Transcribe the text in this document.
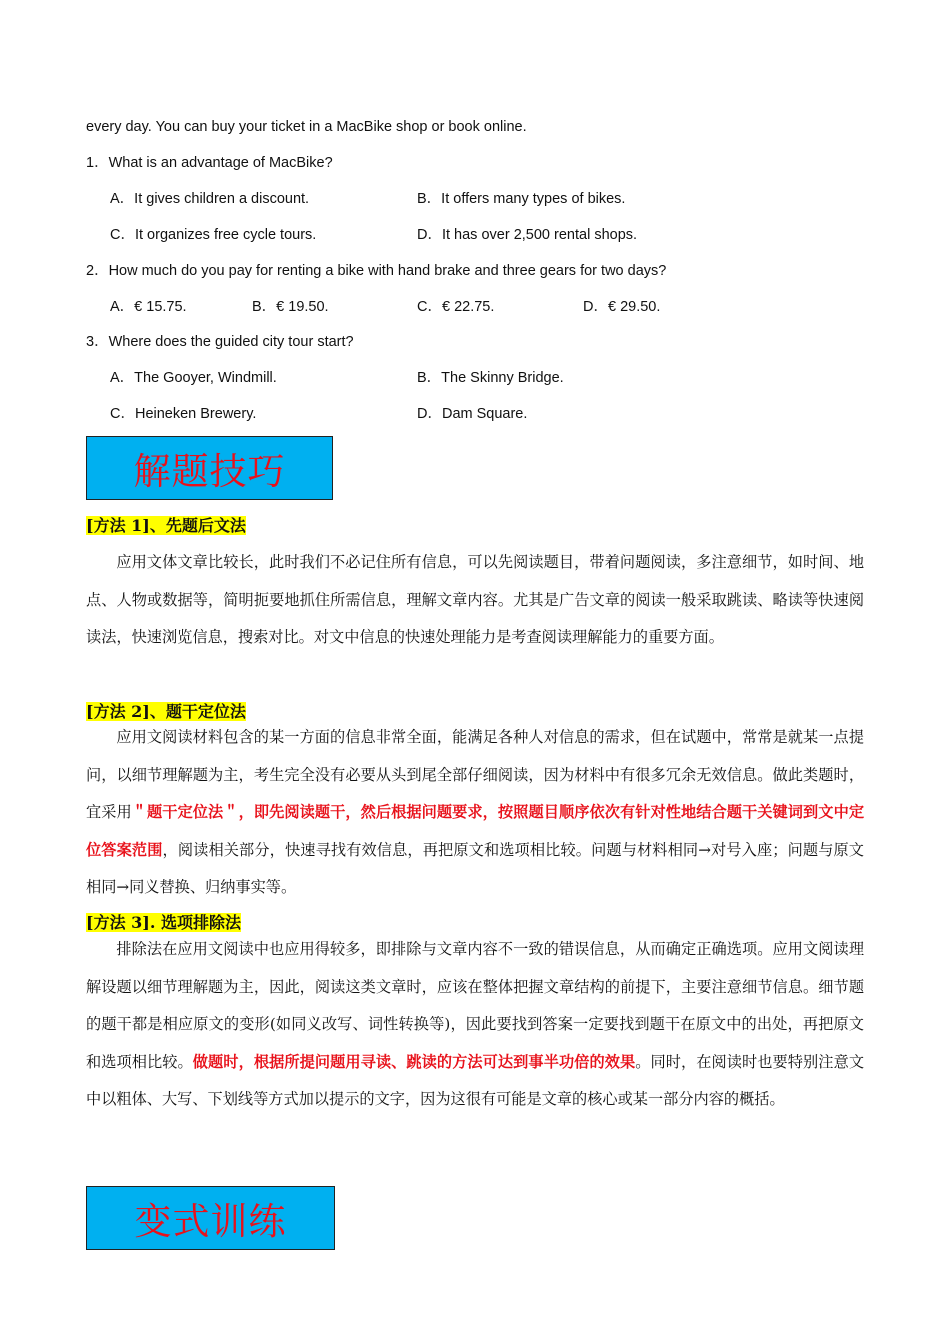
every day. You can buy your ticket in a MacBike shop or book online.
1．What is an advantage of MacBike?
A．It gives children a discount.	B．It offers many types of bikes.
C．It organizes free cycle tours.	D．It has over 2,500 rental shops.
2．How much do you pay for renting a bike with hand brake and three gears for two days?
A．€ 15.75.	B．€ 19.50.	C．€ 22.75.	D．€ 29.50.
3．Where does the guided city tour start?
A．The Gooyer, Windmill.	B．The Skinny Bridge.
C．Heineken Brewery.	D．Dam Square.
解题技巧
[方法 1]、先题后文法

应用文体文章比较长，此时我们不必记住所有信息，可以先阅读题目，带着问题阅读，多注意细节，如时间、地点、人物或数据等，简明扼要地抓住所需信息，理解文章内容。尤其是广告文章的阅读一般采取跳读、略读等快速阅读法，快速浏览信息，搜索对比。对文中信息的快速处理能力是考查阅读理解能力的重要方面。

[方法 2]、题干定位法

应用文阅读材料包含的某一方面的信息非常全面，能满足各种人对信息的需求，但在试题中，常常是就某一点提问，以细节理解题为主，考生完全没有必要从头到尾全部仔细阅读，因为材料中有很多冗余无效信息。做此类题时，宜采用＂题干定位法＂，即先阅读题干，然后根据问题要求，按照题目顺序依次有针对性地结合题干关键词到文中定位答案范围，阅读相关部分，快速寻找有效信息，再把原文和选项相比较。问题与材料相同→对号入座；问题与原文相同→同义替换、归纳事实等。

[方法 3]. 选项排除法

排除法在应用文阅读中也应用得较多，即排除与文章内容不一致的错误信息，从而确定正确选项。应用文阅读理解设题以细节理解题为主，因此，阅读这类文章时，应该在整体把握文章结构的前提下，主要注意细节信息。细节题的题干都是相应原文的变形(如同义改写、词性转换等)，因此要找到答案一定要找到题干在原文中的出处，再把原文和选项相比较。做题时，根据所提问题用寻读、跳读的方法可达到事半功倍的效果。同时，在阅读时也要特别注意文中以粗体、大写、下划线等方式加以提示的文字，因为这很有可能是文章的核心或某一部分内容的概括。

变式训练
